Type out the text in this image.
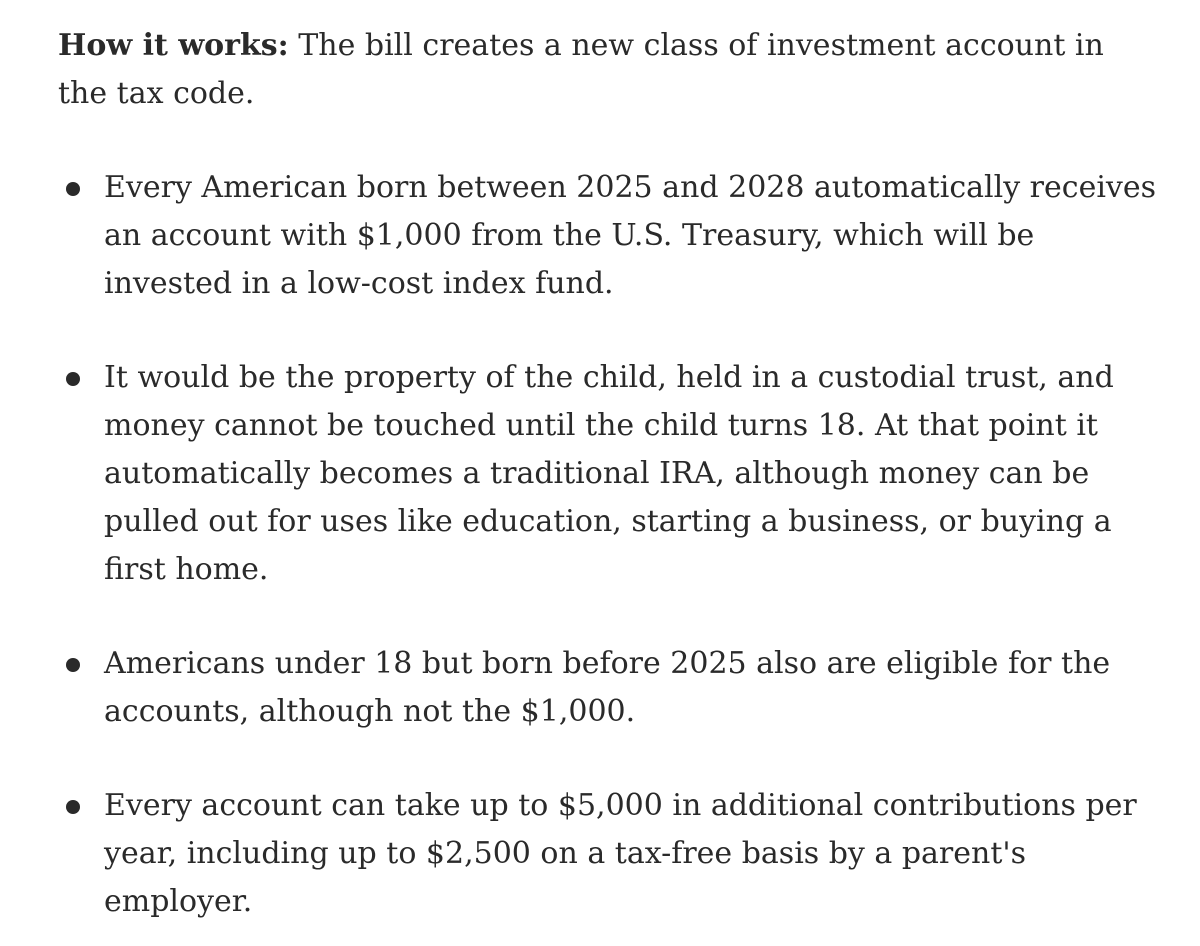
How it works: The bill creates a new class of investment account in the tax code.

Every American born between 2025 and 2028 automatically receives an account with $1,000 from the U.S. Treasury, which will be invested in a low-cost index fund.
It would be the property of the child, held in a custodial trust, and money cannot be touched until the child turns 18. At that point it automatically becomes a traditional IRA, although money can be pulled out for uses like education, starting a business, or buying a first home.
Americans under 18 but born before 2025 also are eligible for the accounts, although not the $1,000.
Every account can take up to $5,000 in additional contributions per year, including up to $2,500 on a tax-free basis by a parent's employer.
